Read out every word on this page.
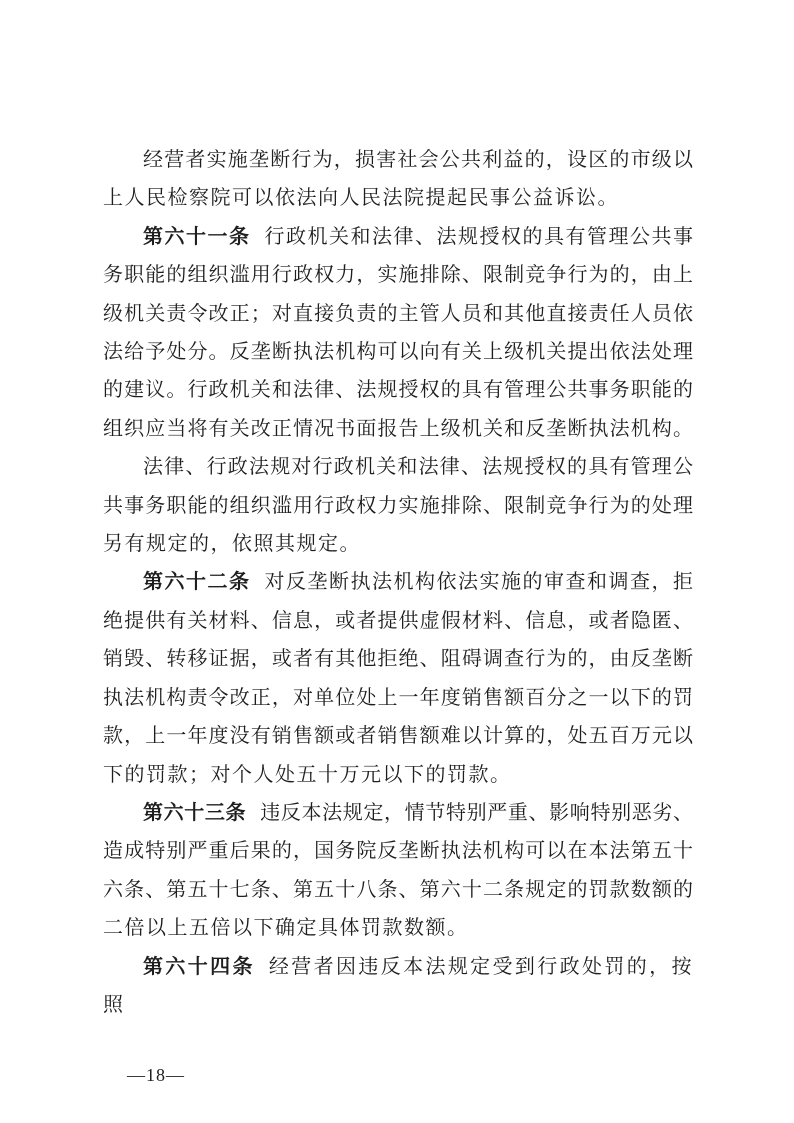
经营者实施垄断行为，损害社会公共利益的，设区的市级以
上人民检察院可以依法向人民法院提起民事公益诉讼。
第六十一条 行政机关和法律、法规授权的具有管理公共事
务职能的组织滥用行政权力，实施排除、限制竞争行为的，由上
级机关责令改正；对直接负责的主管人员和其他直接责任人员依
法给予处分。反垄断执法机构可以向有关上级机关提出依法处理
的建议。行政机关和法律、法规授权的具有管理公共事务职能的
组织应当将有关改正情况书面报告上级机关和反垄断执法机构。
法律、行政法规对行政机关和法律、法规授权的具有管理公
共事务职能的组织滥用行政权力实施排除、限制竞争行为的处理
另有规定的，依照其规定。
第六十二条 对反垄断执法机构依法实施的审查和调查，拒
绝提供有关材料、信息，或者提供虚假材料、信息，或者隐匿、
销毁、转移证据，或者有其他拒绝、阻碍调查行为的，由反垄断
执法机构责令改正，对单位处上一年度销售额百分之一以下的罚
款，上一年度没有销售额或者销售额难以计算的，处五百万元以
下的罚款；对个人处五十万元以下的罚款。
第六十三条 违反本法规定，情节特别严重、影响特别恶劣、
造成特别严重后果的，国务院反垄断执法机构可以在本法第五十
六条、第五十七条、第五十八条、第六十二条规定的罚款数额的
二倍以上五倍以下确定具体罚款数额。
第六十四条 经营者因违反本法规定受到行政处罚的，按照
—18—
